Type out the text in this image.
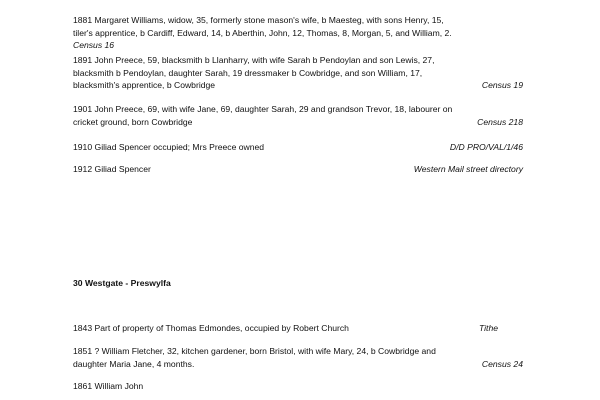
1881 Margaret Williams, widow, 35, formerly stone mason's wife, b Maesteg, with sons Henry, 15,
tiler's apprentice, b Cardiff, Edward, 14, b Aberthin, John, 12, Thomas, 8, Morgan, 5, and William, 2.
Census 16
1891 John Preece, 59, blacksmith b Llanharry, with wife Sarah b Pendoylan and son Lewis, 27,
blacksmith b Pendoylan, daughter Sarah, 19 dressmaker b Cowbridge, and son William, 17,
blacksmith's apprentice, b Cowbridge	Census 19
1901 John Preece, 69, with wife Jane, 69, daughter Sarah, 29 and grandson Trevor, 18, labourer on
cricket ground, born Cowbridge	Census 218
1910 Giliad Spencer occupied; Mrs Preece owned	D/D PRO/VAL/1/46
1912 Giliad Spencer	Western Mail street directory
30 Westgate - Preswylfa
1843 Part of property of Thomas Edmondes, occupied by Robert Church	Tithe
1851 ? William Fletcher, 32, kitchen gardener, born Bristol, with wife Mary, 24, b Cowbridge and
daughter Maria Jane, 4 months.	Census 24
1861 William John
